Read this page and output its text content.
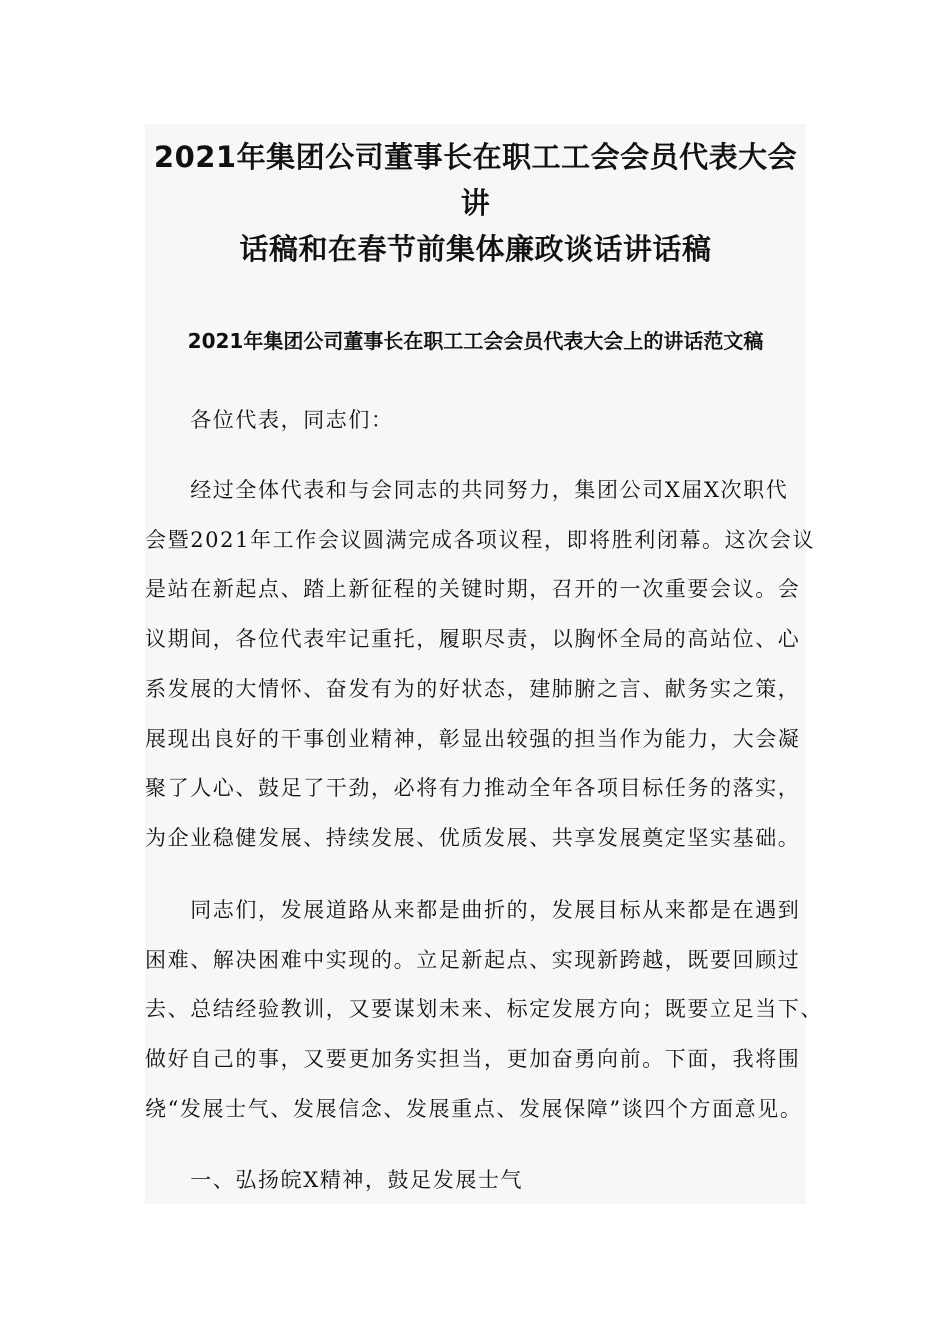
2021年集团公司董事长在职工工会会员代表大会讲
话稿和在春节前集体廉政谈话讲话稿
2021年集团公司董事长在职工工会会员代表大会上的讲话范文稿

　　各位代表，同志们：

　　经过全体代表和与会同志的共同努力，集团公司X届X次职代
会暨2021年工作会议圆满完成各项议程，即将胜利闭幕。这次会议
是站在新起点、踏上新征程的关键时期，召开的一次重要会议。会
议期间，各位代表牢记重托，履职尽责，以胸怀全局的高站位、心
系发展的大情怀、奋发有为的好状态，建肺腑之言、献务实之策，
展现出良好的干事创业精神，彰显出较强的担当作为能力，大会凝
聚了人心、鼓足了干劲，必将有力推动全年各项目标任务的落实，
为企业稳健发展、持续发展、优质发展、共享发展奠定坚实基础。

　　同志们，发展道路从来都是曲折的，发展目标从来都是在遇到
困难、解决困难中实现的。立足新起点、实现新跨越，既要回顾过
去、总结经验教训，又要谋划未来、标定发展方向；既要立足当下、
做好自己的事，又要更加务实担当，更加奋勇向前。下面，我将围
绕“发展士气、发展信念、发展重点、发展保障”谈四个方面意见。

　　一、弘扬皖X精神，鼓足发展士气
